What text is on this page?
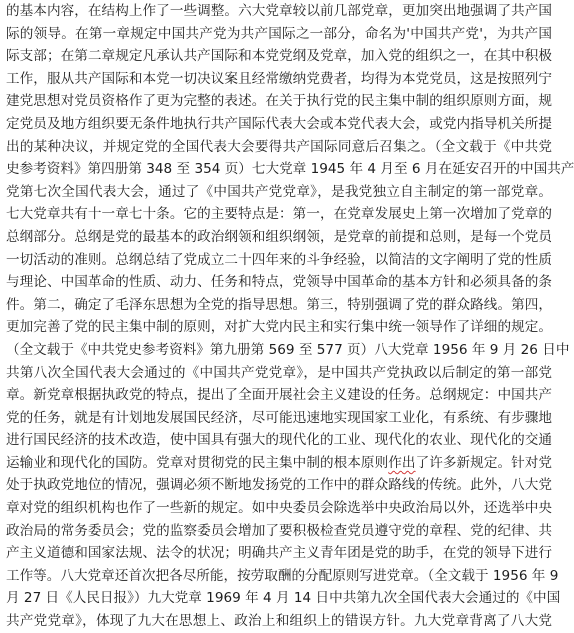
的基本内容，在结构上作了一些调整。六大党章较以前几部党章，更加突出地强调了共产国
际的领导。在第一章规定中国共产党为共产国际之一部分，命名为'中国共产党'，为共产国
际支部；在第二章规定凡承认共产国际和本党党纲及党章，加入党的组织之一，在其中积极
工作，服从共产国际和本党一切决议案且经常缴纳党费者，均得为本党党员，这是按照列宁
建党思想对党员资格作了更为完整的表述。在关于执行党的民主集中制的组织原则方面，规
定党员及地方组织要无条件地执行共产国际代表大会或本党代表大会，或党内指导机关所提
出的某种决议，并规定党的全国代表大会要得共产国际同意后召集之。（全文载于《中共党
史参考资料》第四册第 348 至 354 页）七大党章 1945 年 4 月至 6 月在延安召开的中国共产
党第七次全国代表大会，通过了《中国共产党党章》，是我党独立自主制定的第一部党章。
七大党章共有十一章七十条。它的主要特点是：第一，在党章发展史上第一次增加了党章的
总纲部分。总纲是党的最基本的政治纲领和组织纲领，是党章的前提和总则，是每一个党员
一切活动的准则。总纲总结了党成立二十四年来的斗争经验，以简洁的文字阐明了党的性质
与理论、中国革命的性质、动力、任务和特点，党领导中国革命的基本方针和必须具备的条
件。第二，确定了毛泽东思想为全党的指导思想。第三，特别强调了党的群众路线。第四，
更加完善了党的民主集中制的原则，对扩大党内民主和实行集中统一领导作了详细的规定。
（全文载于《中共党史参考资料》第九册第 569 至 577 页）八大党章 1956 年 9 月 26 日中
共第八次全国代表大会通过的《中国共产党党章》，是中国共产党执政以后制定的第一部党
章。新党章根据执政党的特点，提出了全面开展社会主义建设的任务。总纲规定：中国共产
党的任务，就是有计划地发展国民经济，尽可能迅速地实现国家工业化，有系统、有步骤地
进行国民经济的技术改造，使中国具有强大的现代化的工业、现代化的农业、现代化的交通
运输业和现代化的国防。党章对贯彻党的民主集中制的根本原则作出了许多新规定。针对党
处于执政党地位的情况，强调必须不断地发扬党的工作中的群众路线的传统。此外，八大党
章对党的组织机构也作了一些新的规定。如中央委员会除选举中央政治局以外，还选举中央
政治局的常务委员会；党的监察委员会增加了要积极检查党员遵守党的章程、党的纪律、共
产主义道德和国家法规、法令的状况；明确共产主义青年团是党的助手，在党的领导下进行
工作等。八大党章还首次把各尽所能，按劳取酬的分配原则写进党章。（全文载于 1956 年 9
月 27 日《人民日报》）九大党章 1969 年 4 月 14 日中共第九次全国代表大会通过的《中国
共产党党章》，体现了九大在思想上、政治上和组织上的错误方针。九大党章背离了八大党
